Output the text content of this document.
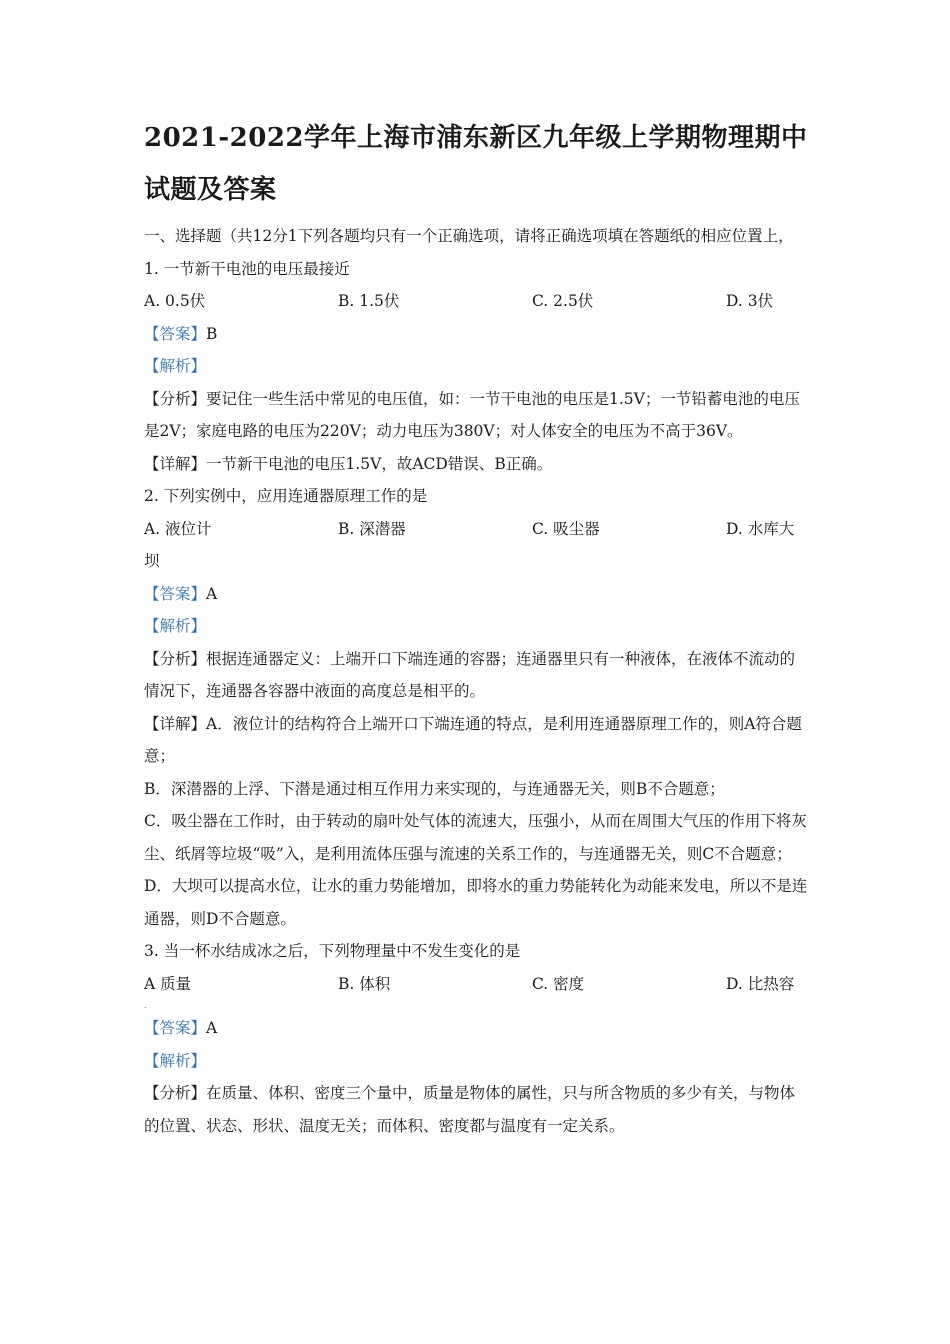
2021-2022学年上海市浦东新区九年级上学期物理期中试题及答案

一、选择题（共12分1下列各题均只有一个正确选项，请将正确选项填在答题纸的相应位置上，

1. 一节新干电池的电压最接近

A. 0.5伏	B. 1.5伏	C. 2.5伏	D. 3伏

【答案】B

【解析】

【分析】要记住一些生活中常见的电压值，如：一节干电池的电压是1.5V；一节铅蓄电池的电压是2V；家庭电路的电压为220V；动力电压为380V；对人体安全的电压为不高于36V。

【详解】一节新干电池的电压1.5V，故ACD错误、B正确。

2. 下列实例中，应用连通器原理工作的是

A. 液位计	B. 深潜器	C. 吸尘器	D. 水库大

坝

【答案】A

【解析】

【分析】根据连通器定义：上端开口下端连通的容器；连通器里只有一种液体，在液体不流动的情况下，连通器各容器中液面的高度总是相平的。

【详解】A．液位计的结构符合上端开口下端连通的特点，是利用连通器原理工作的，则A符合题意；

B．深潜器的上浮、下潜是通过相互作用力来实现的，与连通器无关，则B不合题意；

C．吸尘器在工作时，由于转动的扇叶处气体的流速大，压强小，从而在周围大气压的作用下将灰尘、纸屑等垃圾“吸”入，是利用流体压强与流速的关系工作的，与连通器无关，则C不合题意；

D．大坝可以提高水位，让水的重力势能增加，即将水的重力势能转化为动能来发电，所以不是连通器，则D不合题意。

3. 当一杯水结成冰之后，下列物理量中不发生变化的是

A 质量	B. 体积	C. 密度	D. 比热容

.

【答案】A

【解析】

【分析】在质量、体积、密度三个量中，质量是物体的属性，只与所含物质的多少有关，与物体的位置、状态、形状、温度无关；而体积、密度都与温度有一定关系。
